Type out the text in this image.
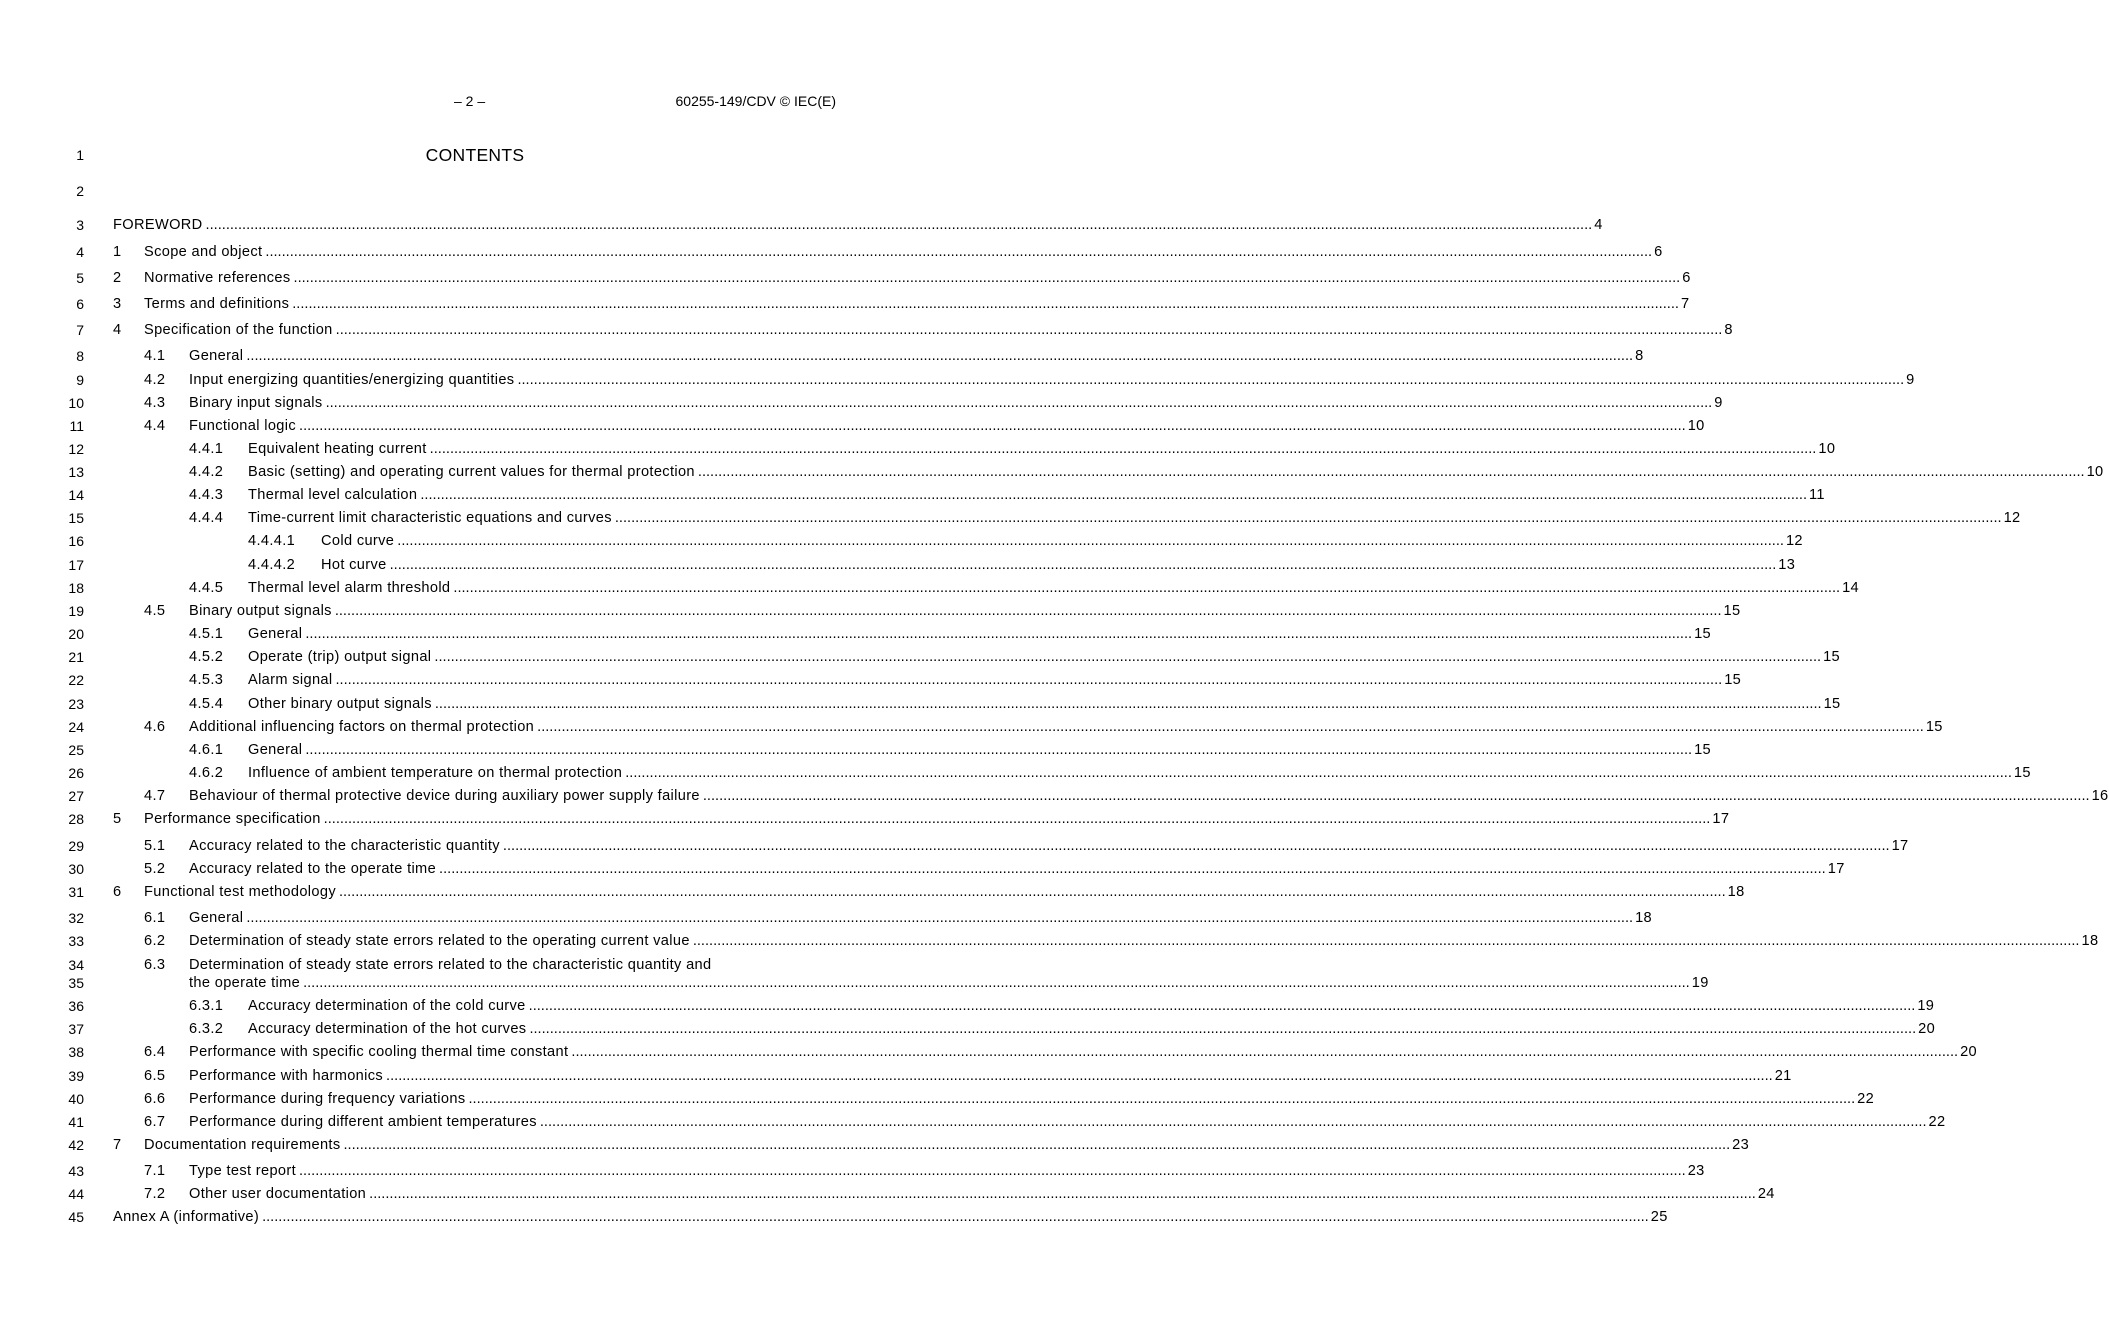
– 2 –	60255-149/CDV © IEC(E)
CONTENTS
1
2
3
4
5
6
7
8
9
10
11
12
13
14
15
16
17
18
19
20
21
22
23
24
25
26
27
28
29
30
31
32
33
34
35
36
37
38
39
40
41
42
43
44
45
FOREWORD .....	4
1 Scope and object .....	6
2 Normative references .....	6
3 Terms and definitions .....	7
4 Specification of the function .....	8
4.1 General .....	8
4.2 Input energizing quantities/energizing quantities .....	9
4.3 Binary input signals .....	9
4.4 Functional logic .....	10
4.4.1 Equivalent heating current .....	10
4.4.2 Basic (setting) and operating current values for thermal protection .....	10
4.4.3 Thermal level calculation .....	11
4.4.4 Time-current limit characteristic equations and curves .....	12
4.4.4.1 Cold curve .....	12
4.4.4.2 Hot curve .....	13
4.4.5 Thermal level alarm threshold .....	14
4.5 Binary output signals .....	15
4.5.1 General .....	15
4.5.2 Operate (trip) output signal .....	15
4.5.3 Alarm signal .....	15
4.5.4 Other binary output signals .....	15
4.6 Additional influencing factors on thermal protection .....	15
4.6.1 General .....	15
4.6.2 Influence of ambient temperature on thermal protection .....	15
4.7 Behaviour of thermal protective device during auxiliary power supply failure .....	16
5 Performance specification .....	17
5.1 Accuracy related to the characteristic quantity .....	17
5.2 Accuracy related to the operate time .....	17
6 Functional test methodology .....	18
6.1 General .....	18
6.2 Determination of steady state errors related to the operating current value .....	18
6.3 Determination of steady state errors related to the characteristic quantity and
the operate time .....	19
6.3.1 Accuracy determination of the cold curve .....	19
6.3.2 Accuracy determination of the hot curves .....	20
6.4 Performance with specific cooling thermal time constant .....	20
6.5 Performance with harmonics .....	21
6.6 Performance during frequency variations .....	22
6.7 Performance during different ambient temperatures .....	22
7 Documentation requirements .....	23
7.1 Type test report .....	23
7.2 Other user documentation .....	24
Annex A (informative) .....	25
